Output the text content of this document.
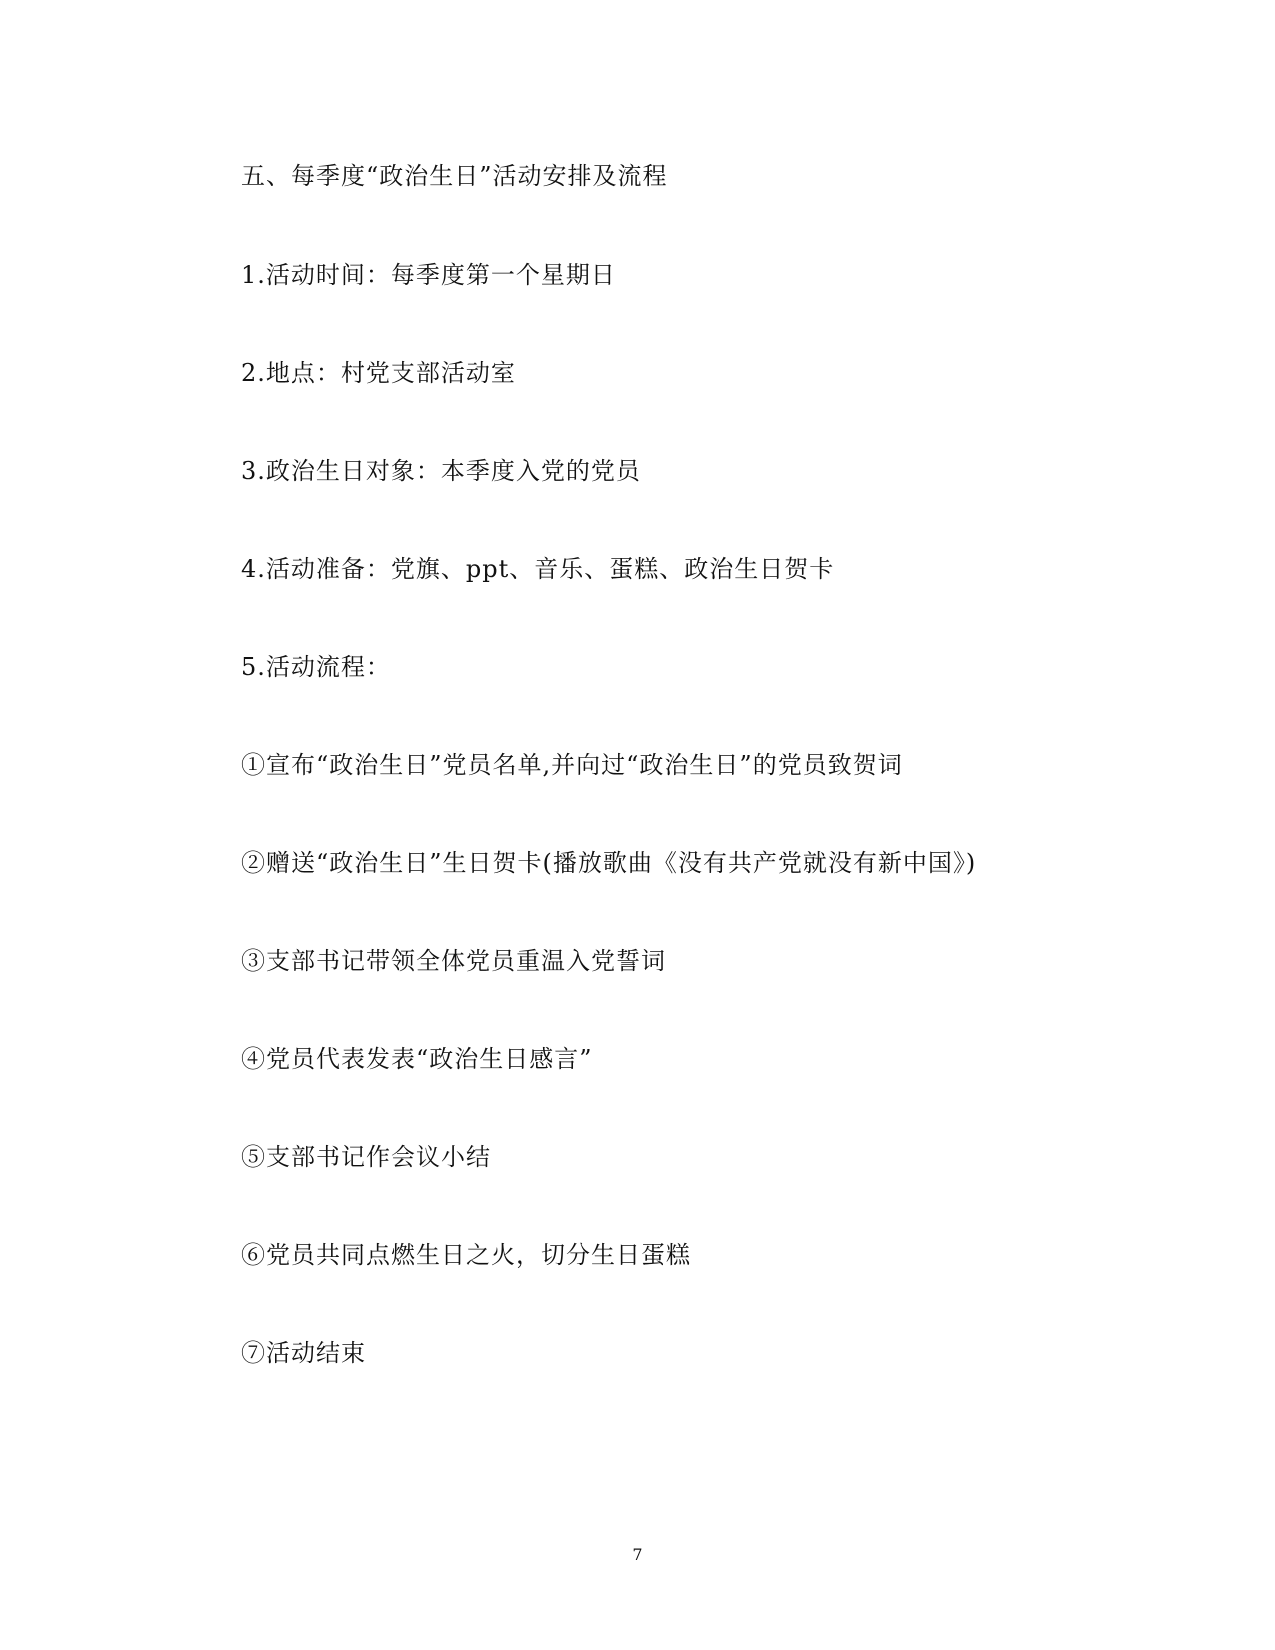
五、每季度“政治生日”活动安排及流程
1.活动时间：每季度第一个星期日
2.地点：村党支部活动室
3.政治生日对象：本季度入党的党员
4.活动准备：党旗、ppt、音乐、蛋糕、政治生日贺卡
5.活动流程：
①宣布“政治生日”党员名单,并向过“政治生日”的党员致贺词
②赠送“政治生日”生日贺卡(播放歌曲《没有共产党就没有新中国》)
③支部书记带领全体党员重温入党誓词
④党员代表发表“政治生日感言”
⑤支部书记作会议小结
⑥党员共同点燃生日之火，切分生日蛋糕
⑦活动结束
7
